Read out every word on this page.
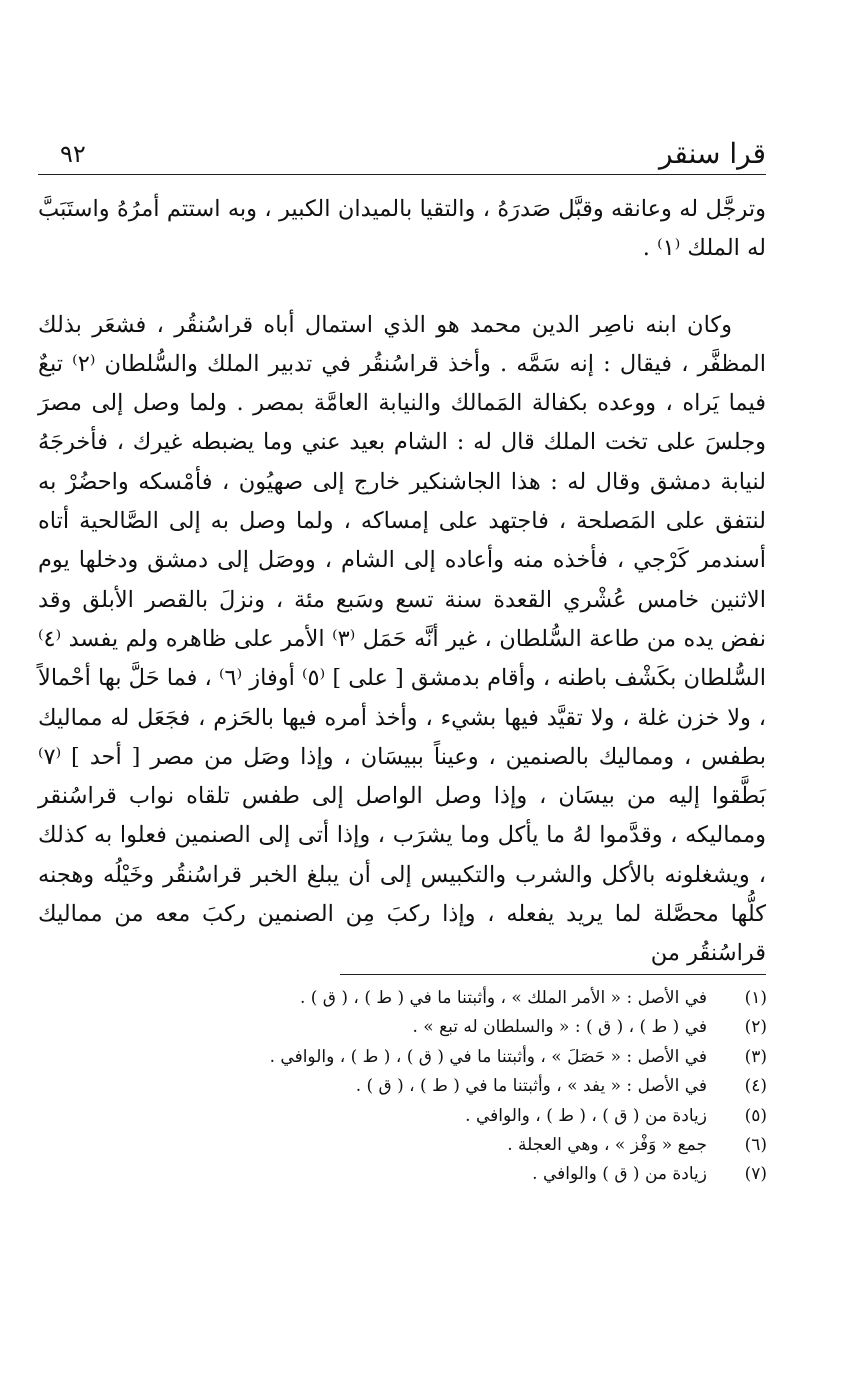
قرا سنقر
٩٢

وترجَّل له وعانقه وقبَّل صَدرَهُ ، والتقيا بالميدان الكبير ، وبه استتم أمرُهُ واستَبَبَّ له الملك ⁽١⁾ .

وكان ابنه ناصِر الدين محمد هو الذي استمال أباه قراسُنقُر ، فشعَر بذلك المظفَّر ، فيقال : إنه سَمَّه . وأخذ قراسُنقُر في تدبير الملك والسُّلطان ⁽٢⁾ تبعٌ فيما يَراه ، ووعده بكفالة المَمالك والنيابة العامَّة بمصر . ولما وصل إلى مصرَ وجلسَ على تخت الملك قال له : الشام بعيد عني وما يضبطه غيرك ، فأخرجَهُ لنيابة دمشق وقال له : هذا الجاشنكير خارج إلى صهيُون ، فأمْسكه واحضُرْ به لنتفق على المَصلحة ، فاجتهد على إمساكه ، ولما وصل به إلى الصَّالحية أتاه أسندمر كَرْجي ، فأخذه منه وأعاده إلى الشام ، ووصَل إلى دمشق ودخلها يوم الاثنين خامس عُشْري القعدة سنة تسع وسَبع مئة ، ونزلَ بالقصر الأبلق وقد نفض يده من طاعة السُّلطان ، غير أنَّه حَمَل ⁽٣⁾ الأمر على ظاهره ولم يفسد ⁽٤⁾ السُّلطان بكَشْف باطنه ، وأقام بدمشق [ على ] ⁽٥⁾ أوفاز ⁽٦⁾ ، فما حَلَّ بها أحْمالاً ، ولا خزن غلة ، ولا تقيَّد فيها بشيء ، وأخذ أمره فيها بالحَزم ، فجَعَل له مماليك بطفس ، ومماليك بالصنمين ، وعيناً ببيسَان ، وإذا وصَل من مصر [ أحد ] ⁽٧⁾ بَطَّقوا إليه من بيسَان ، وإذا وصل الواصل إلى طفس تلقاه نواب قراسُنقر ومماليكه ، وقدَّموا لهُ ما يأكل وما يشرَب ، وإذا أتى إلى الصنمين فعلوا به كذلك ، ويشغلونه بالأكل والشرب والتكبيس إلى أن يبلغ الخبر قراسُنقُر وخَيْلُه وهجنه كلُّها محصَّلة لما يريد يفعله ، وإذا ركبَ مِن الصنمين ركبَ معه من مماليك قراسُنقُر من

(١)
في الأصل : « الأمر الملك » ، وأثبتنا ما في ( ط ) ، ( ق ) .
(٢)
في ( ط ) ، ( ق ) : « والسلطان له تبع » .
(٣)
في الأصل : « حَصَلَ » ، وأثبتنا ما في ( ق ) ، ( ط ) ، والوافي .
(٤)
في الأصل : « يفد » ، وأثبتنا ما في ( ط ) ، ( ق ) .
(٥)
زيادة من ( ق ) ، ( ط ) ، والوافي .
(٦)
جمع « وَفْز » ، وهي العجلة .
(٧)
زيادة من ( ق ) والوافي .
